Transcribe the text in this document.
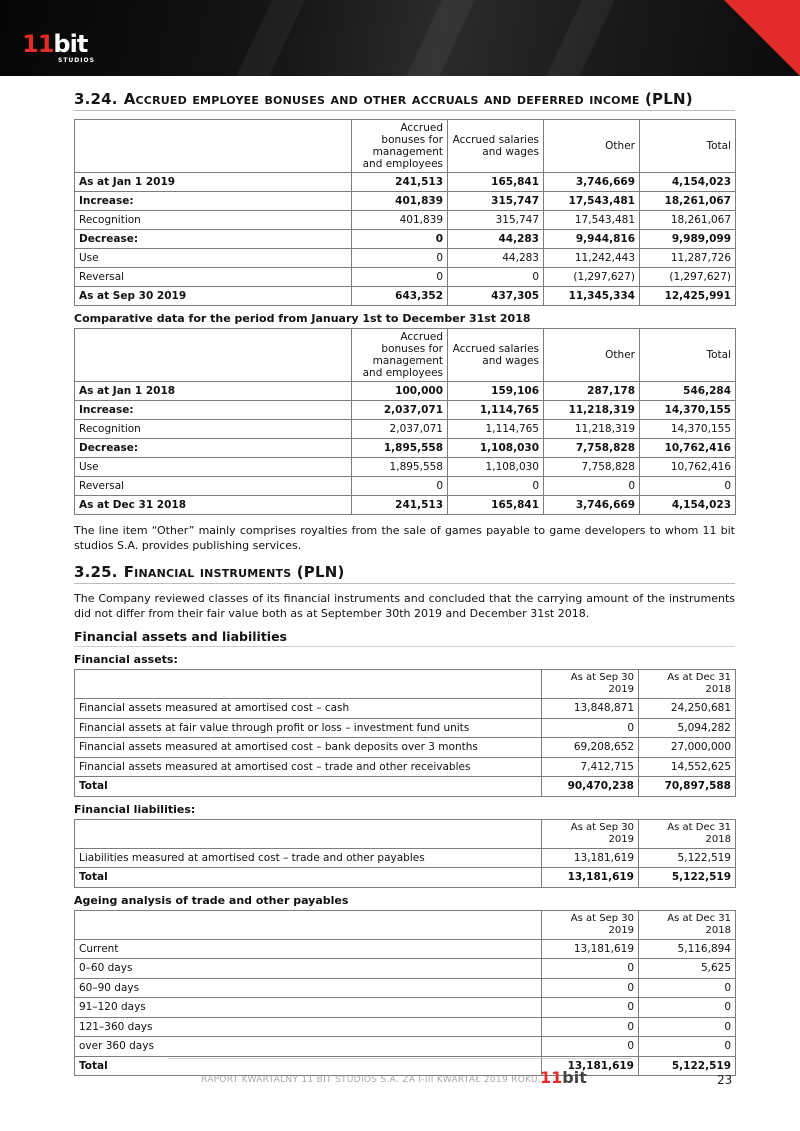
11bit
STUDIOS
3.24. Accrued employee bonuses and other accruals and deferred income (PLN)
	Accrued bonuses for management and employees	Accrued salaries and wages	Other	Total
As at Jan 1 2019	241,513	165,841	3,746,669	4,154,023
Increase:	401,839	315,747	17,543,481	18,261,067
Recognition	401,839	315,747	17,543,481	18,261,067
Decrease:	0	44,283	9,944,816	9,989,099
Use	0	44,283	11,242,443	11,287,726
Reversal	0	0	(1,297,627)	(1,297,627)
As at Sep 30 2019	643,352	437,305	11,345,334	12,425,991
Comparative data for the period from January 1st to December 31st 2018
	Accrued bonuses for management and employees	Accrued salaries and wages	Other	Total
As at Jan 1 2018	100,000	159,106	287,178	546,284
Increase:	2,037,071	1,114,765	11,218,319	14,370,155
Recognition	2,037,071	1,114,765	11,218,319	14,370,155
Decrease:	1,895,558	1,108,030	7,758,828	10,762,416
Use	1,895,558	1,108,030	7,758,828	10,762,416
Reversal	0	0	0	0
As at Dec 31 2018	241,513	165,841	3,746,669	4,154,023

The line item “Other” mainly comprises royalties from the sale of games payable to game developers to whom 11 bit studios S.A. provides publishing services.

3.25. Financial instruments (PLN)

The Company reviewed classes of its financial instruments and concluded that the carrying amount of the instruments did not differ from their fair value both as at September 30th 2019 and December 31st 2018.

Financial assets and liabilities
Financial assets:
	As at Sep 30 2019	As at Dec 31 2018
Financial assets measured at amortised cost – cash	13,848,871	24,250,681
Financial assets at fair value through profit or loss – investment fund units	0	5,094,282
Financial assets measured at amortised cost – bank deposits over 3 months	69,208,652	27,000,000
Financial assets measured at amortised cost – trade and other receivables	7,412,715	14,552,625
Total	90,470,238	70,897,588
Financial liabilities:
	As at Sep 30 2019	As at Dec 31 2018
Liabilities measured at amortised cost – trade and other payables	13,181,619	5,122,519
Total	13,181,619	5,122,519
Ageing analysis of trade and other payables
	As at Sep 30 2019	As at Dec 31 2018
Current	13,181,619	5,116,894
0–60 days	0	5,625
60–90 days	0	0
91–120 days	0	0
121–360 days	0	0
over 360 days	0	0
Total	13,181,619	5,122,519
RAPORT KWARTALNY 11 BIT STUDIOS S.A. ZA I-III KWARTAŁ 2019 ROKU.
11bit	23
